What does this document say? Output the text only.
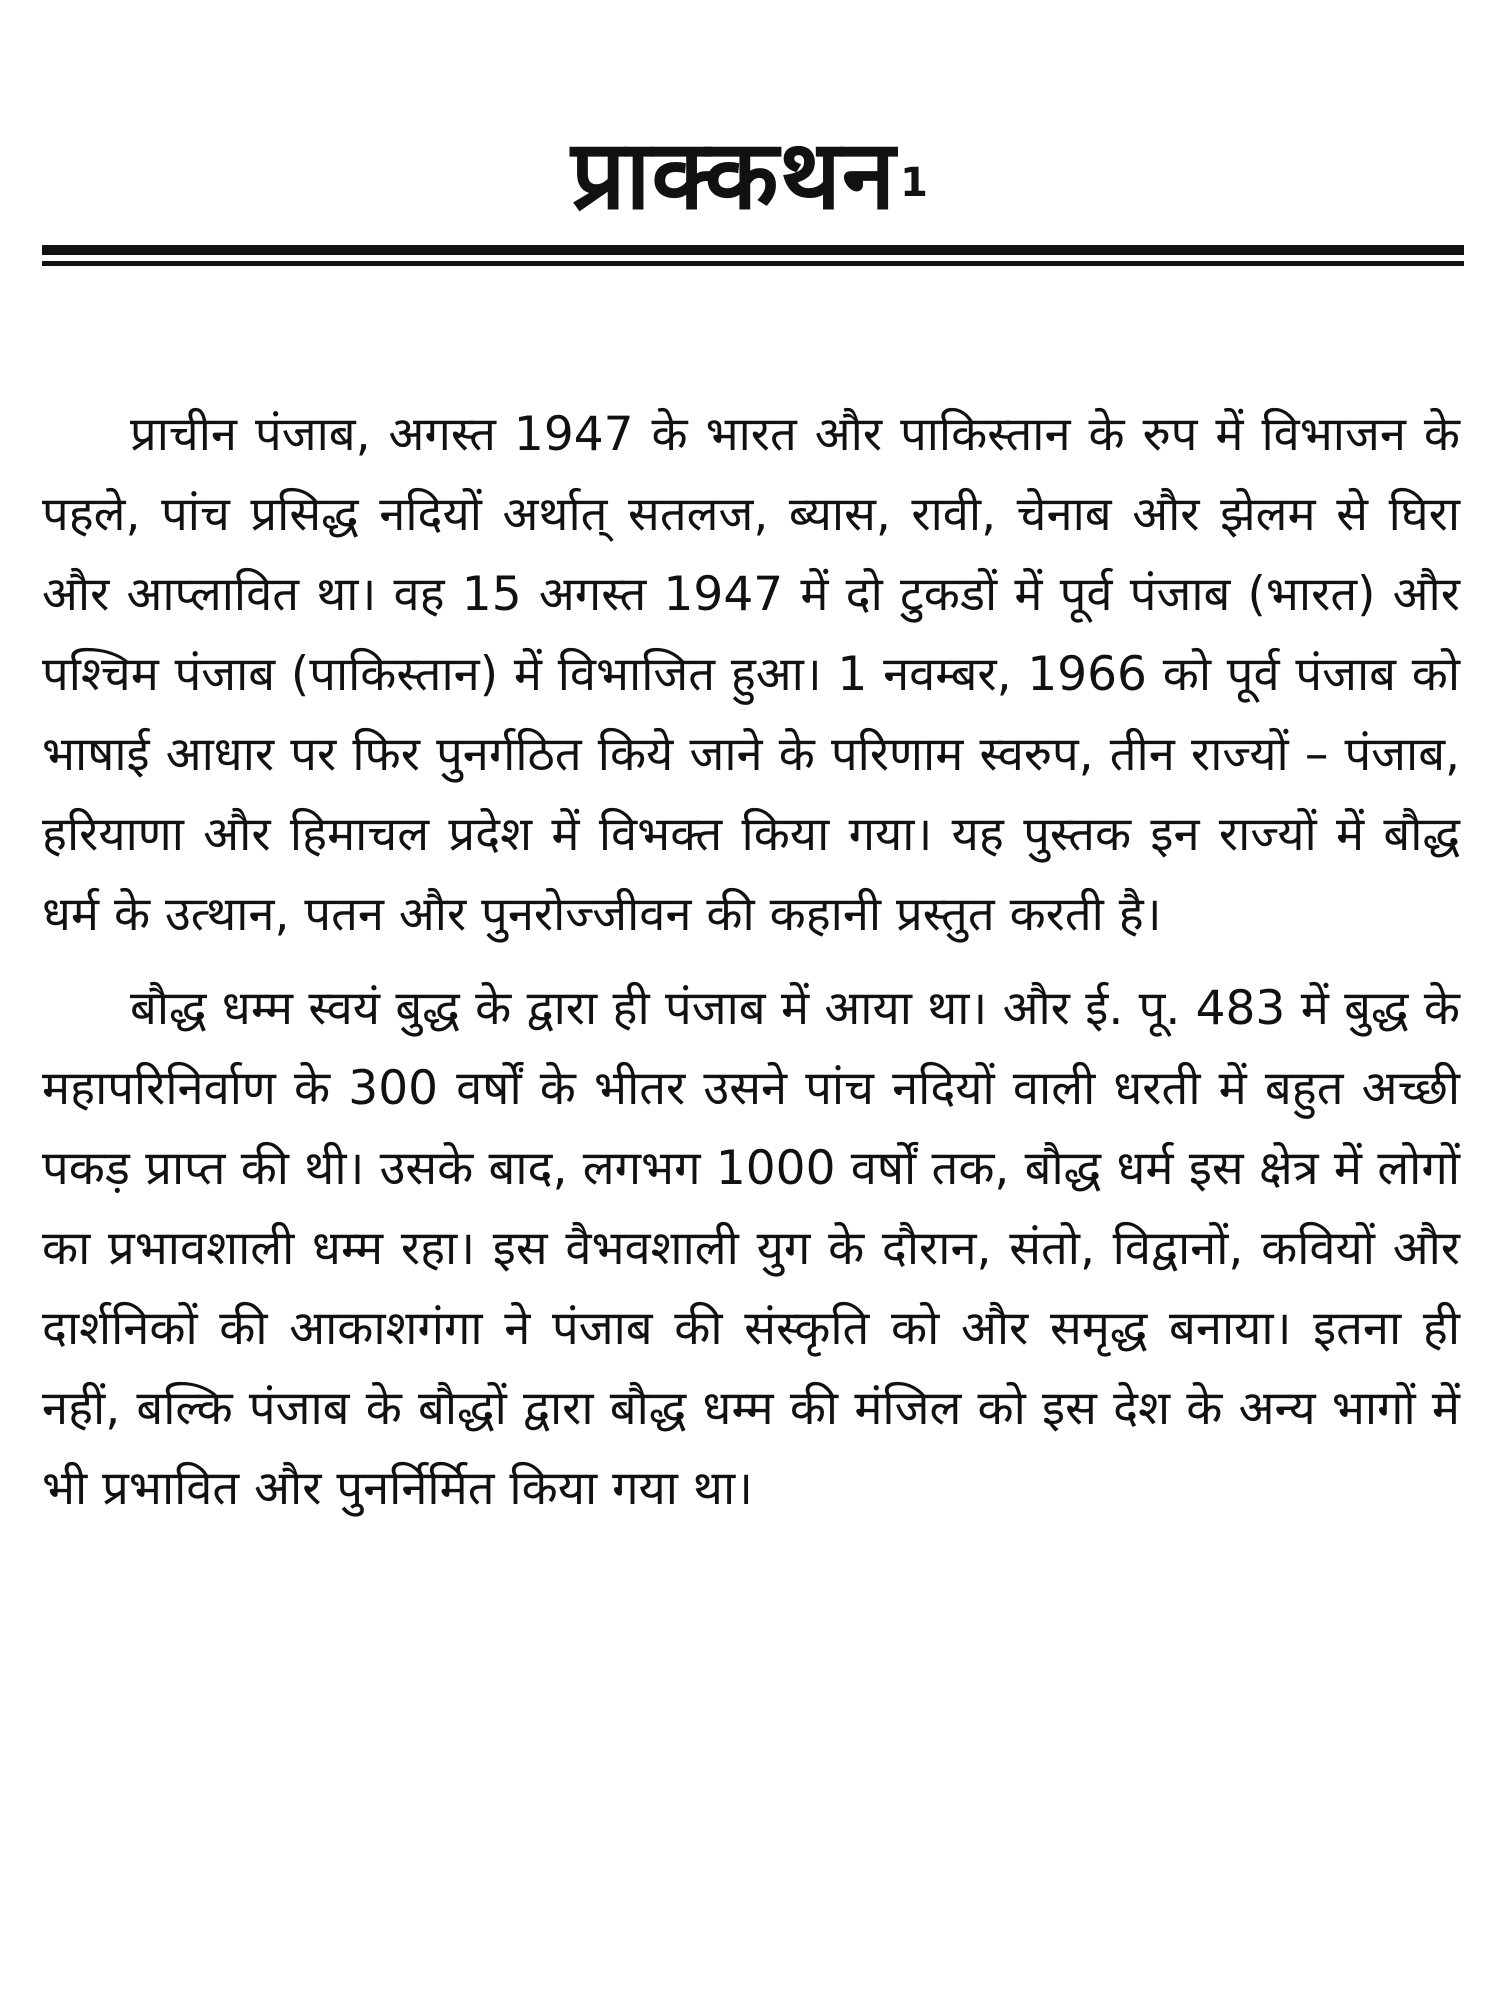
प्राक्कथन $^1$

प्राचीन पंजाब, अगस्त 1947 के भारत और पाकिस्तान के रुप में विभाजन के पहले, पांच प्रसिद्ध नदियों अर्थात् सतलज, ब्यास, रावी, चेनाब और झेलम से घिरा और आप्लावित था। वह 15 अगस्त 1947 में दो टुकडों में पूर्व पंजाब (भारत) और पश्चिम पंजाब (पाकिस्तान) में विभाजित हुआ। 1 नवम्बर, 1966 को पूर्व पंजाब को भाषाई आधार पर फिर पुनर्गठित किये जाने के परिणाम स्वरुप, तीन राज्यों – पंजाब, हरियाणा और हिमाचल प्रदेश में विभक्त किया गया। यह पुस्तक इन राज्यों में बौद्ध धर्म के उत्थान, पतन और पुनरोज्जीवन की कहानी प्रस्तुत करती है।

बौद्ध धम्म स्वयं बुद्ध के द्वारा ही पंजाब में आया था। और ई. पू. 483 में बुद्ध के महापरिनिर्वाण के 300 वर्षों के भीतर उसने पांच नदियों वाली धरती में बहुत अच्छी पकड़ प्राप्त की थी। उसके बाद, लगभग 1000 वर्षों तक, बौद्ध धर्म इस क्षेत्र में लोगों का प्रभावशाली धम्म रहा। इस वैभवशाली युग के दौरान, संतो, विद्वानों, कवियों और दार्शनिकों की आकाशगंगा ने पंजाब की संस्कृति को और समृद्ध बनाया। इतना ही नहीं, बल्कि पंजाब के बौद्धों द्वारा बौद्ध धम्म की मंजिल को इस देश के अन्य भागों में भी प्रभावित और पुनर्निर्मित किया गया था।
